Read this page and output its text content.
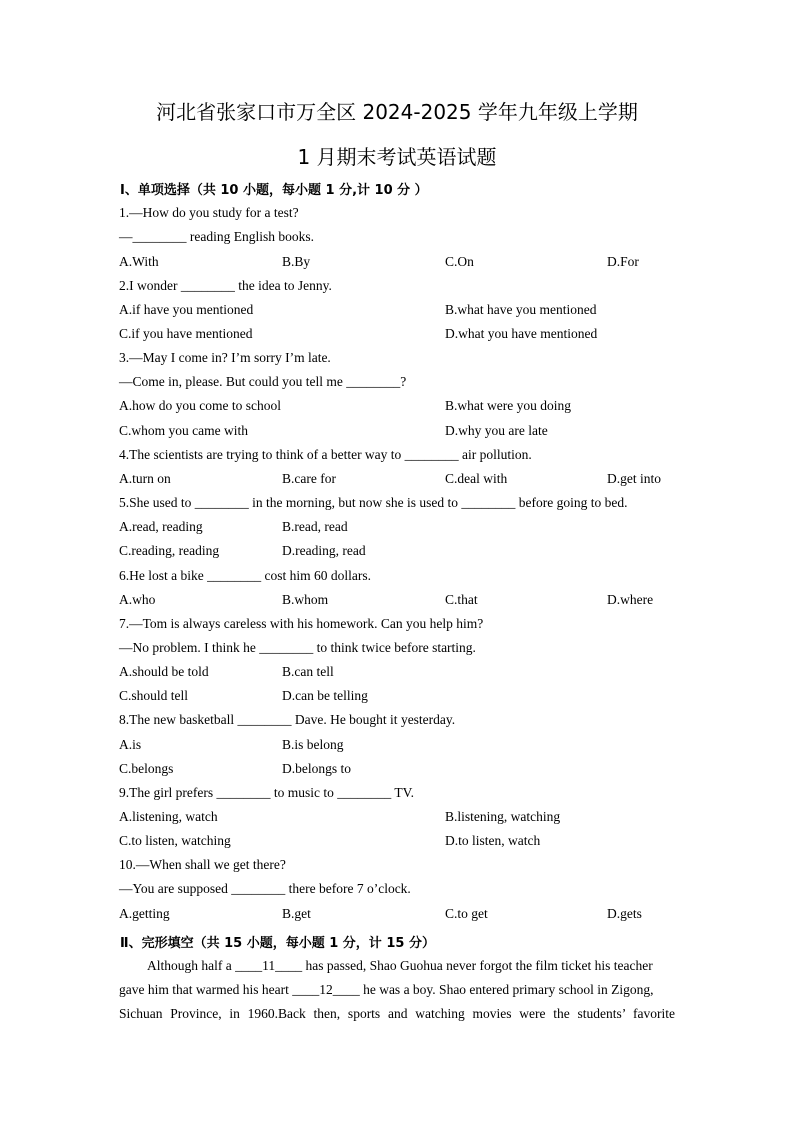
河北省张家口市万全区 2024-2025 学年九年级上学期
1 月期末考试英语试题
Ⅰ、单项选择（共 10 小题，每小题 1 分,计 10 分 ）
1.—How do you study for a test?
—________ reading English books.
A.With	B.By	C.On	D.For
2.I wonder ________ the idea to Jenny.
A.if have you mentioned	B.what have you mentioned
C.if you have mentioned	D.what you have mentioned
3.—May I come in? I’m sorry I’m late.
—Come in, please. But could you tell me ________?
A.how do you come to school	B.what were you doing
C.whom you came with	D.why you are late
4.The scientists are trying to think of a better way to ________ air pollution.
A.turn on	B.care for	C.deal with	D.get into
5.She used to ________ in the morning, but now she is used to ________ before going to bed.
A.read, reading	B.read, read
C.reading, reading	D.reading, read
6.He lost a bike ________ cost him 60 dollars.
A.who	B.whom	C.that	D.where
7.—Tom is always careless with his homework. Can you help him?
—No problem. I think he ________ to think twice before starting.
A.should be told	B.can tell
C.should tell	D.can be telling
8.The new basketball ________ Dave. He bought it yesterday.
A.is	B.is belong
C.belongs	D.belongs to
9.The girl prefers ________ to music to ________ TV.
A.listening, watch	B.listening, watching
C.to listen, watching	D.to listen, watch
10.—When shall we get there?
—You are supposed ________ there before 7 o’clock.
A.getting	B.get	C.to get	D.gets
Ⅱ、完形填空（共 15 小题，每小题 1 分，计 15 分）
Although half a ____11____ has passed, Shao Guohua never forgot the film ticket his teacher
gave him that warmed his heart ____12____ he was a boy. Shao entered primary school in Zigong,
Sichuan Province, in 1960.Back then, sports and watching movies were the students’ favorite
